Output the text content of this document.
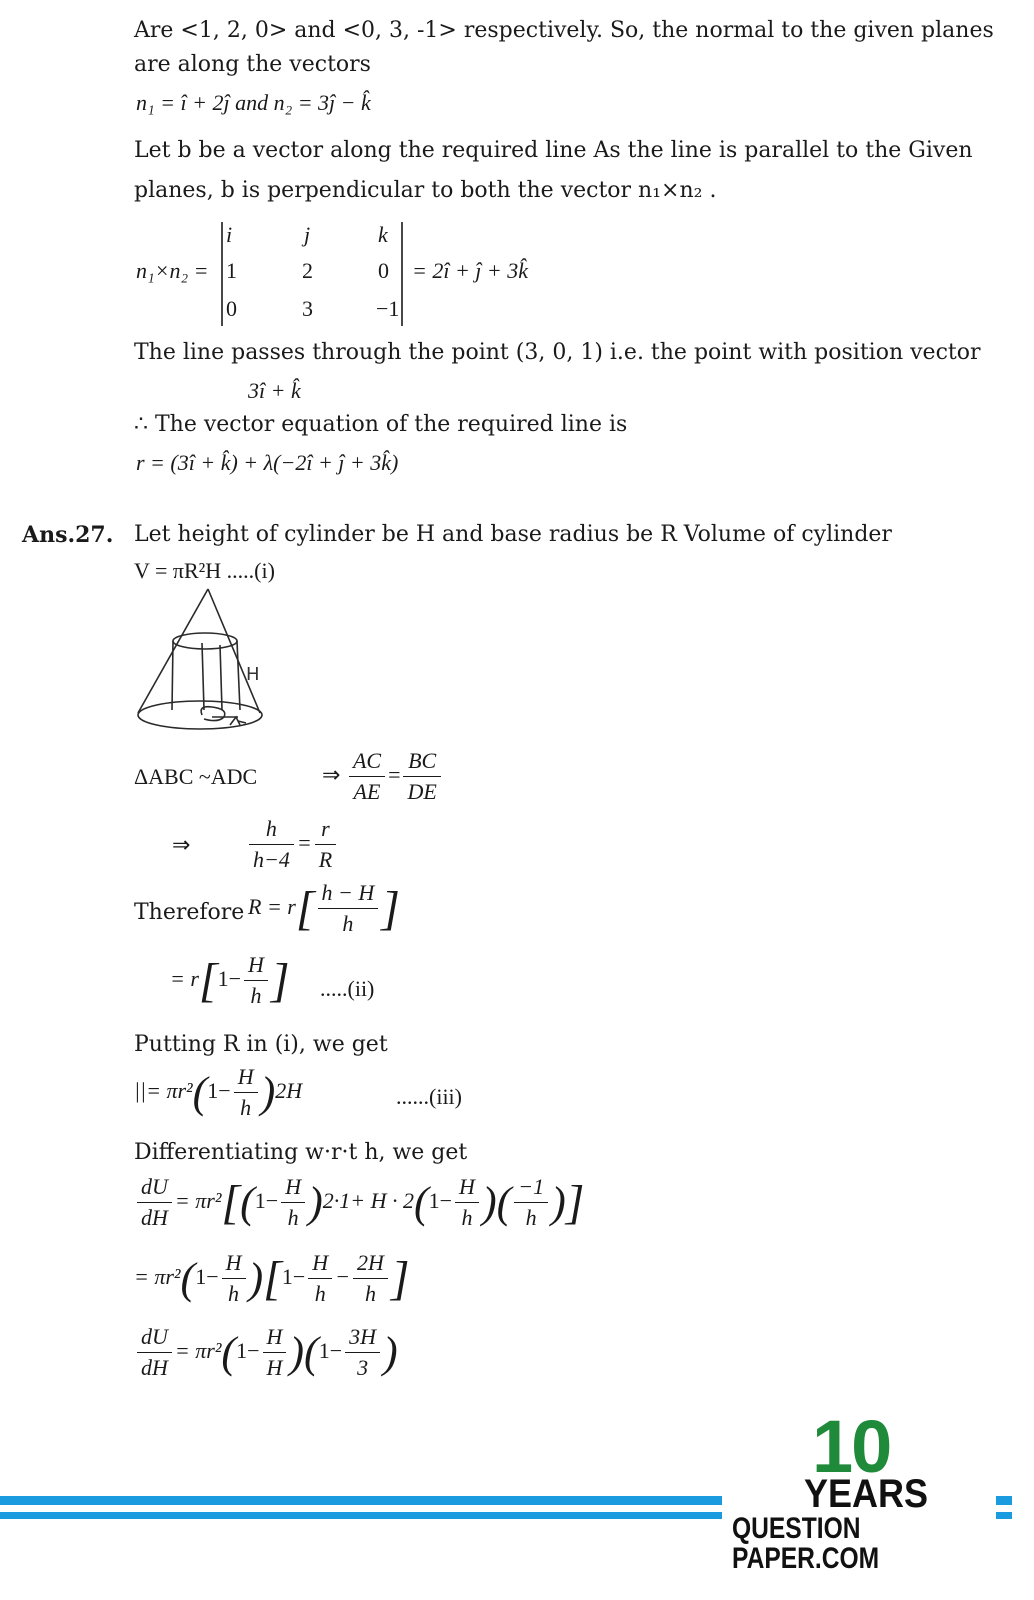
Are <1, 2, 0> and <0, 3, -1> respectively. So, the normal to the given planes
are along the vectors
n₁ = î + 2ĵ and n₂ = 3ĵ − k̂
Let b be a vector along the required line As the line is parallel to the Given
planes, b is perpendicular to both the vector n₁×n₂ .
n₁×n₂ =
i	j	k
1	2	0
0	3	−1
= 2î + ĵ + 3k̂
The line passes through the point (3, 0, 1) i.e. the point with position vector
3î + k̂
∴ The vector equation of the required line is
r = (3î + k̂) + λ(−2î + ĵ + 3k̂)
Ans.27. Let height of cylinder be H and base radius be R Volume of cylinder
V = πR²H .....(i)
H
ΔABC ~ADC	⇒ $\frac{AC}{AE} = \frac{BC}{DE}$
⇒	$\frac{h}{h-4} = \frac{r}{R}$
Therefore $R = r[ \frac{h - H}{h}$ ]
= $r[1- \frac{H}{h}$ ] .....(ii)
Putting R in (i), we get
||= $\pi r^2(1- \frac{H}{h} )2H$	......(iii)
Differentiating w·r·t h, we get
$\frac{dU}{dH} = \pi r^2[(1- \frac{H}{h} )2\cdot 1+ H \cdot 2(1- \frac{H}{h}$ )( $\frac{-1}{h}$ )]
= $\pi r^2(1- \frac{H}{h} )[1- \frac{H}{h} - \frac{2H}{h}$ ]
$\frac{dU}{dH} = \pi r^2(1- \frac{H}{H} )(1- \frac{3H}{3}$ )
10
YEARS
QUESTION PAPER.COM
